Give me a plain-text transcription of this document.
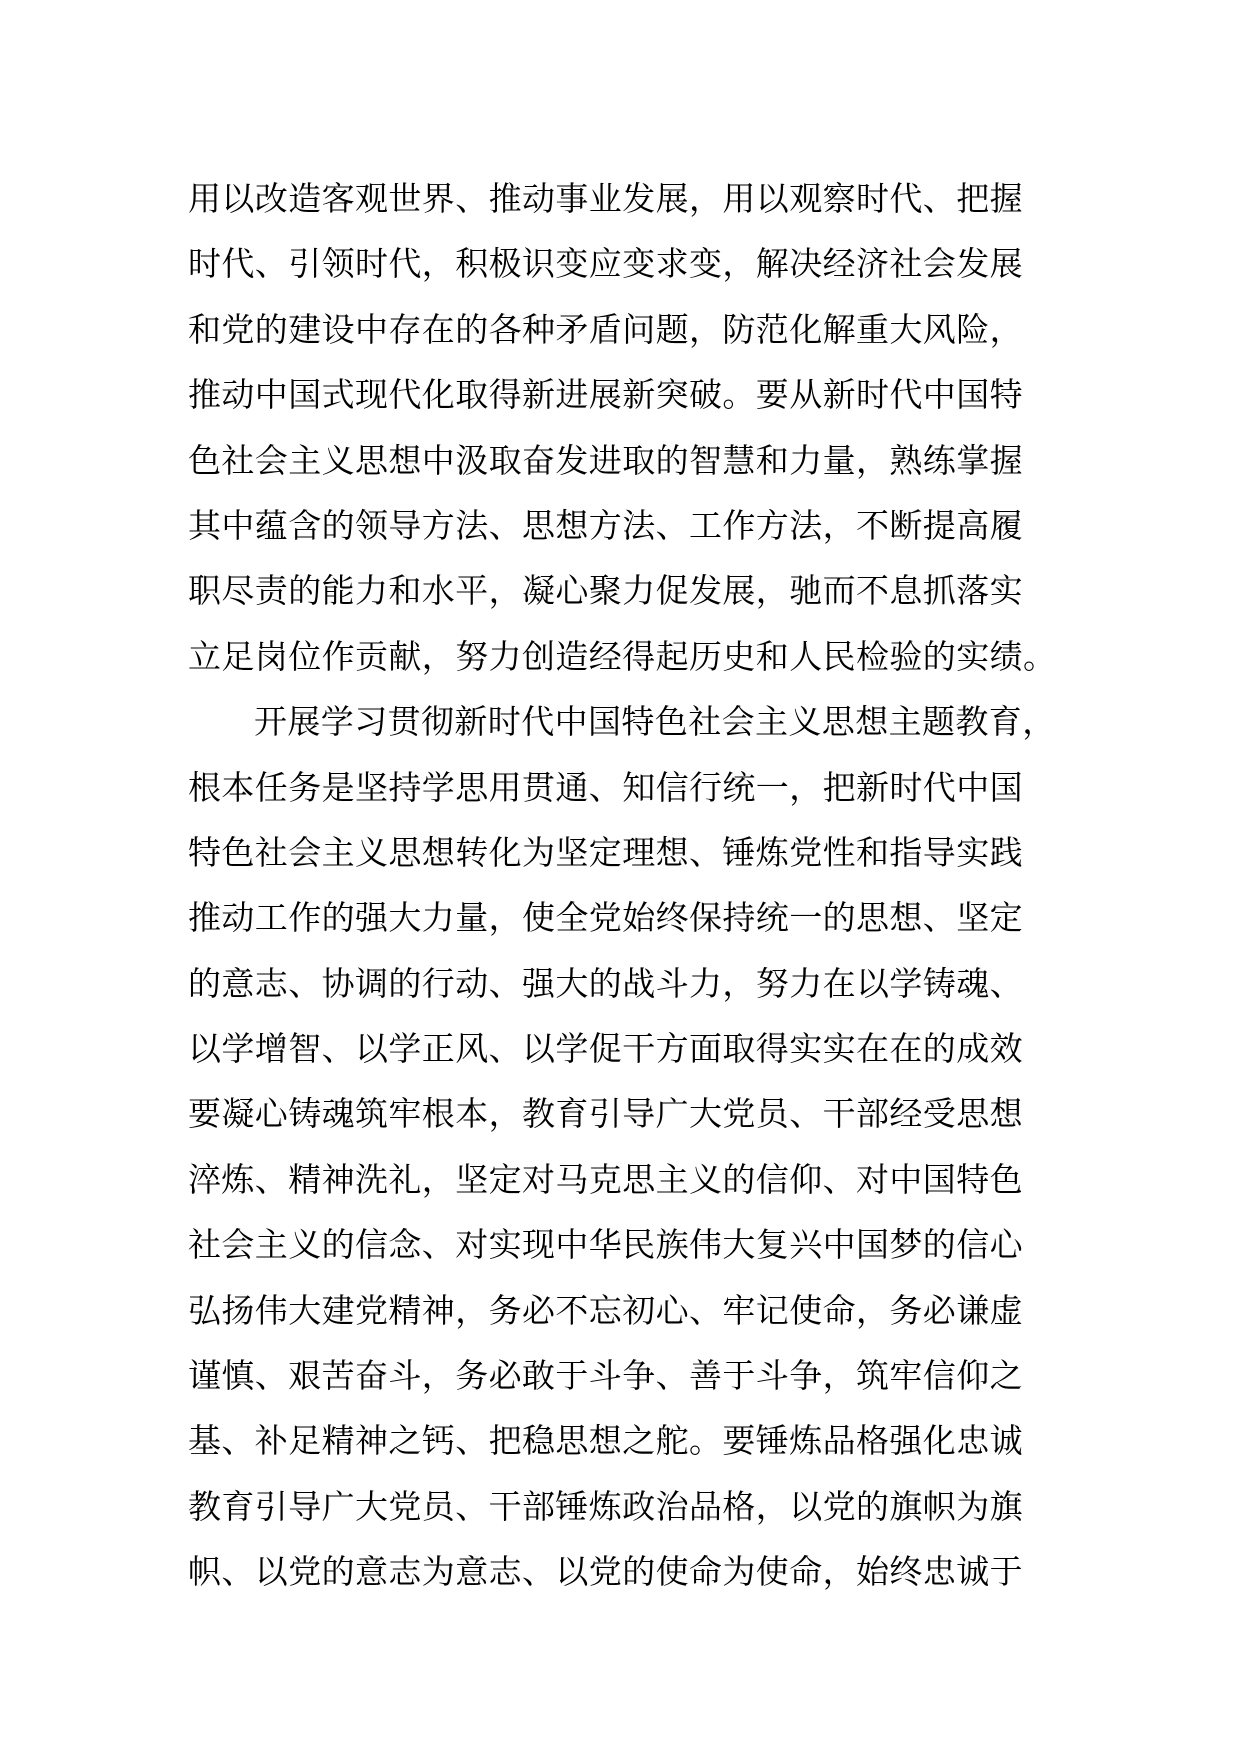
用以改造客观世界、推动事业发展，用以观察时代、把握
时代、引领时代，积极识变应变求变，解决经济社会发展
和党的建设中存在的各种矛盾问题，防范化解重大风险，
推动中国式现代化取得新进展新突破。要从新时代中国特
色社会主义思想中汲取奋发进取的智慧和力量，熟练掌握
其中蕴含的领导方法、思想方法、工作方法，不断提高履
职尽责的能力和水平，凝心聚力促发展，驰而不息抓落实
立足岗位作贡献，努力创造经得起历史和人民检验的实绩。
开展学习贯彻新时代中国特色社会主义思想主题教育，
根本任务是坚持学思用贯通、知信行统一，把新时代中国
特色社会主义思想转化为坚定理想、锤炼党性和指导实践
推动工作的强大力量，使全党始终保持统一的思想、坚定
的意志、协调的行动、强大的战斗力，努力在以学铸魂、
以学增智、以学正风、以学促干方面取得实实在在的成效
要凝心铸魂筑牢根本，教育引导广大党员、干部经受思想
淬炼、精神洗礼，坚定对马克思主义的信仰、对中国特色
社会主义的信念、对实现中华民族伟大复兴中国梦的信心
弘扬伟大建党精神，务必不忘初心、牢记使命，务必谦虚
谨慎、艰苦奋斗，务必敢于斗争、善于斗争，筑牢信仰之
基、补足精神之钙、把稳思想之舵。要锤炼品格强化忠诚
教育引导广大党员、干部锤炼政治品格，以党的旗帜为旗
帜、以党的意志为意志、以党的使命为使命，始终忠诚于
